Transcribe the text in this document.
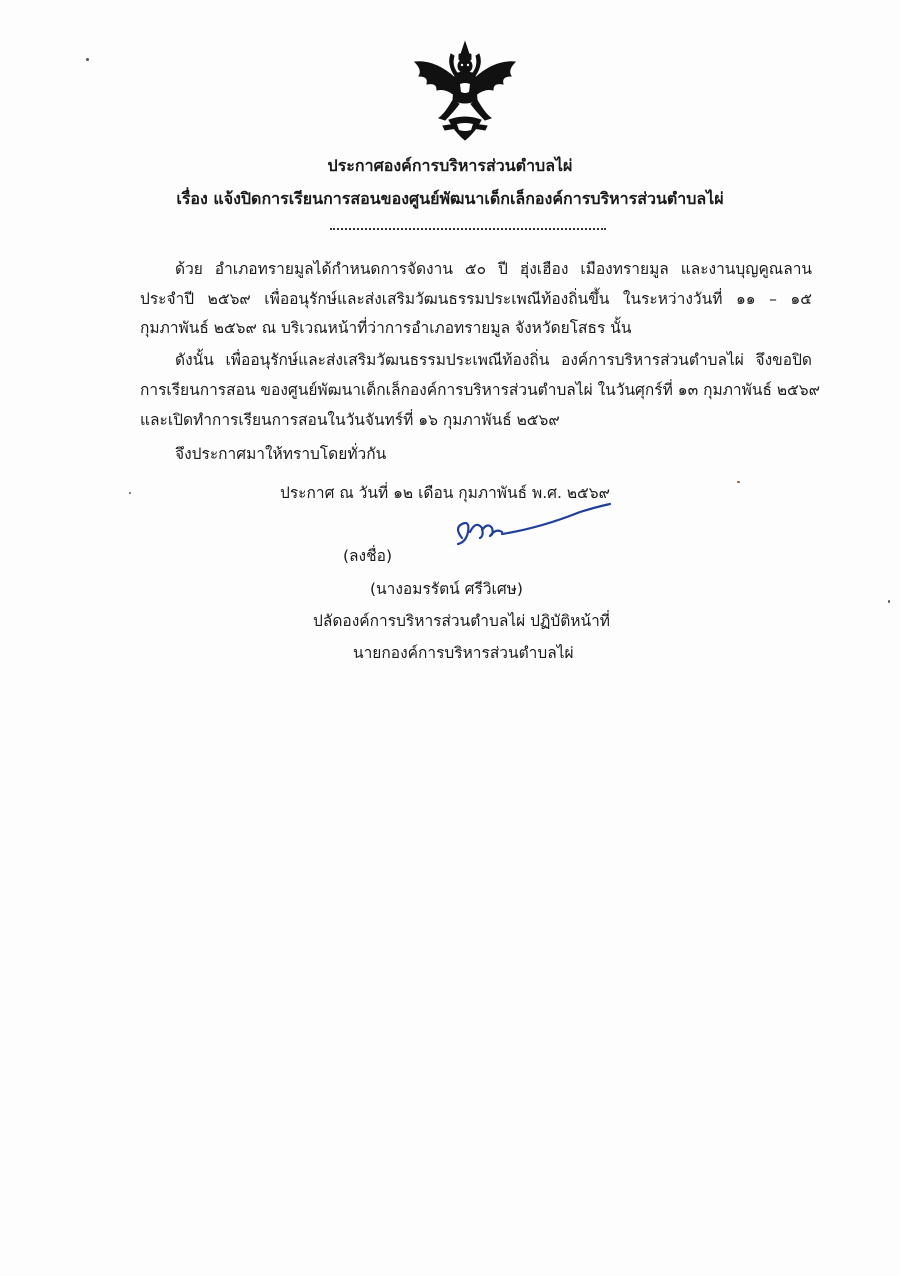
ประกาศองค์การบริหารส่วนตำบลไผ่
เรื่อง แจ้งปิดการเรียนการสอนของศูนย์พัฒนาเด็กเล็กองค์การบริหารส่วนตำบลไผ่
ด้วย อำเภอทรายมูลได้กำหนดการจัดงาน ๕๐ ปี ฮุ่งเฮือง เมืองทรายมูล และงานบุญคูณลาน
ประจำปี ๒๕๖๙ เพื่ออนุรักษ์และส่งเสริมวัฒนธรรมประเพณีท้องถิ่นขึ้น ในระหว่างวันที่ ๑๑ – ๑๕
กุมภาพันธ์ ๒๕๖๙ ณ บริเวณหน้าที่ว่าการอำเภอทรายมูล จังหวัดยโสธร นั้น
ดังนั้น เพื่ออนุรักษ์และส่งเสริมวัฒนธรรมประเพณีท้องถิ่น องค์การบริหารส่วนตำบลไผ่ จึงขอปิด
การเรียนการสอน ของศูนย์พัฒนาเด็กเล็กองค์การบริหารส่วนตำบลไผ่ ในวันศุกร์ที่ ๑๓ กุมภาพันธ์ ๒๕๖๙
และเปิดทำการเรียนการสอนในวันจันทร์ที่ ๑๖ กุมภาพันธ์ ๒๕๖๙
จึงประกาศมาให้ทราบโดยทั่วกัน
ประกาศ ณ วันที่ ๑๒ เดือน กุมภาพันธ์ พ.ศ. ๒๕๖๙
(ลงชื่อ)
(นางอมรรัตน์ ศรีวิเศษ)
ปลัดองค์การบริหารส่วนตำบลไผ่ ปฏิบัติหน้าที่
นายกองค์การบริหารส่วนตำบลไผ่
